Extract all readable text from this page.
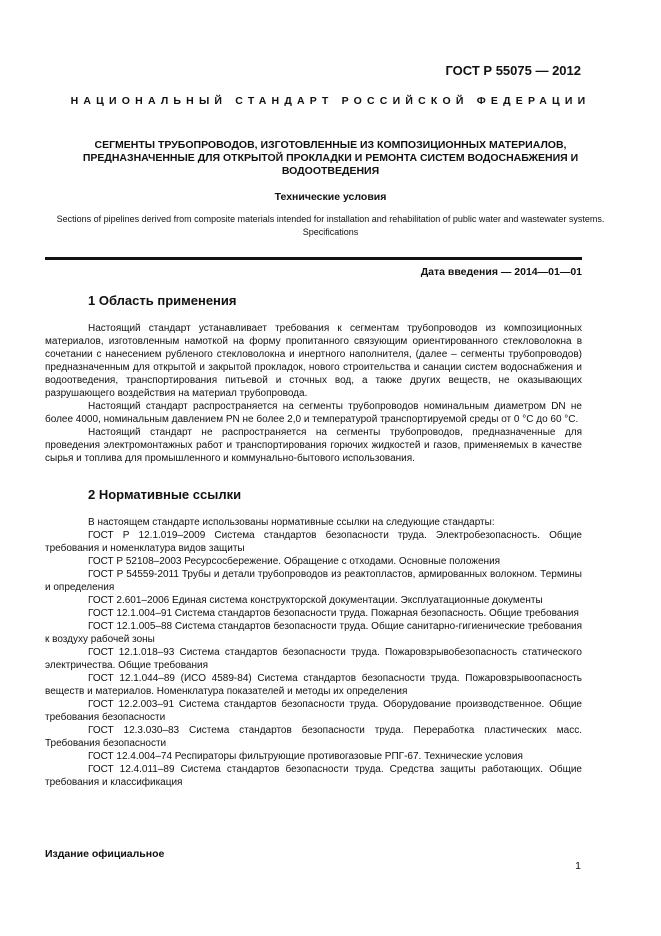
ГОСТ Р 55075 — 2012
НАЦИОНАЛЬНЫЙ СТАНДАРТ РОССИЙСКОЙ ФЕДЕРАЦИИ
СЕГМЕНТЫ ТРУБОПРОВОДОВ, ИЗГОТОВЛЕННЫЕ ИЗ КОМПОЗИЦИОННЫХ МАТЕРИАЛОВ, ПРЕДНАЗНАЧЕННЫЕ ДЛЯ ОТКРЫТОЙ ПРОКЛАДКИ И РЕМОНТА СИСТЕМ ВОДОСНАБЖЕНИЯ И ВОДООТВЕДЕНИЯ
Технические условия
Sections of pipelines derived from composite materials intended for installation and rehabilitation of public water and wastewater systems. Specifications
Дата введения — 2014—01—01
1 Область применения

Настоящий стандарт устанавливает требования к сегментам трубопроводов из композиционных материалов, изготовленным намоткой на форму пропитанного связующим ориентированного стекловолокна в сочетании с нанесением рубленого стекловолокна и инертного наполнителя, (далее – сегменты трубопроводов) предназначенным для открытой и закрытой прокладок, нового строительства и санации систем водоснабжения и водоотведения, транспортирования питьевой и сточных вод, а также других веществ, не оказывающих разрушающего воздействия на материал трубопровода.

Настоящий стандарт распространяется на сегменты трубопроводов номинальным диаметром DN не более 4000, номинальным давлением PN не более 2,0 и температурой транспортируемой среды от 0 °С до 60 °С.

Настоящий стандарт не распространяется на сегменты трубопроводов, предназначенные для проведения электромонтажных работ и транспортирования горючих жидкостей и газов, применяемых в качестве сырья и топлива для промышленного и коммунально-бытового использования.

2 Нормативные ссылки

В настоящем стандарте использованы нормативные ссылки на следующие стандарты:

ГОСТ Р 12.1.019–2009 Система стандартов безопасности труда. Электробезопасность. Общие требования и номенклатура видов защиты

ГОСТ Р 52108–2003 Ресурсосбережение. Обращение с отходами. Основные положения

ГОСТ Р 54559-2011 Трубы и детали трубопроводов из реактопластов, армированных волокном. Термины и определения

ГОСТ 2.601–2006 Единая система конструкторской документации. Эксплуатационные документы

ГОСТ 12.1.004–91 Система стандартов безопасности труда. Пожарная безопасность. Общие требования

ГОСТ 12.1.005–88 Система стандартов безопасности труда. Общие санитарно-гигиенические требования к воздуху рабочей зоны

ГОСТ 12.1.018–93 Система стандартов безопасности труда. Пожаровзрывобезопасность статического электричества. Общие требования

ГОСТ 12.1.044–89 (ИСО 4589-84) Система стандартов безопасности труда. Пожаровзрывоопасность веществ и материалов. Номенклатура показателей и методы их определения

ГОСТ 12.2.003–91 Система стандартов безопасности труда. Оборудование производственное. Общие требования безопасности

ГОСТ 12.3.030–83 Система стандартов безопасности труда. Переработка пластических масс. Требования безопасности

ГОСТ 12.4.004–74 Респираторы фильтрующие противогазовые РПГ-67. Технические условия

ГОСТ 12.4.011–89 Система стандартов безопасности труда. Средства защиты работающих. Общие требования и классификация

Издание официальное
1
